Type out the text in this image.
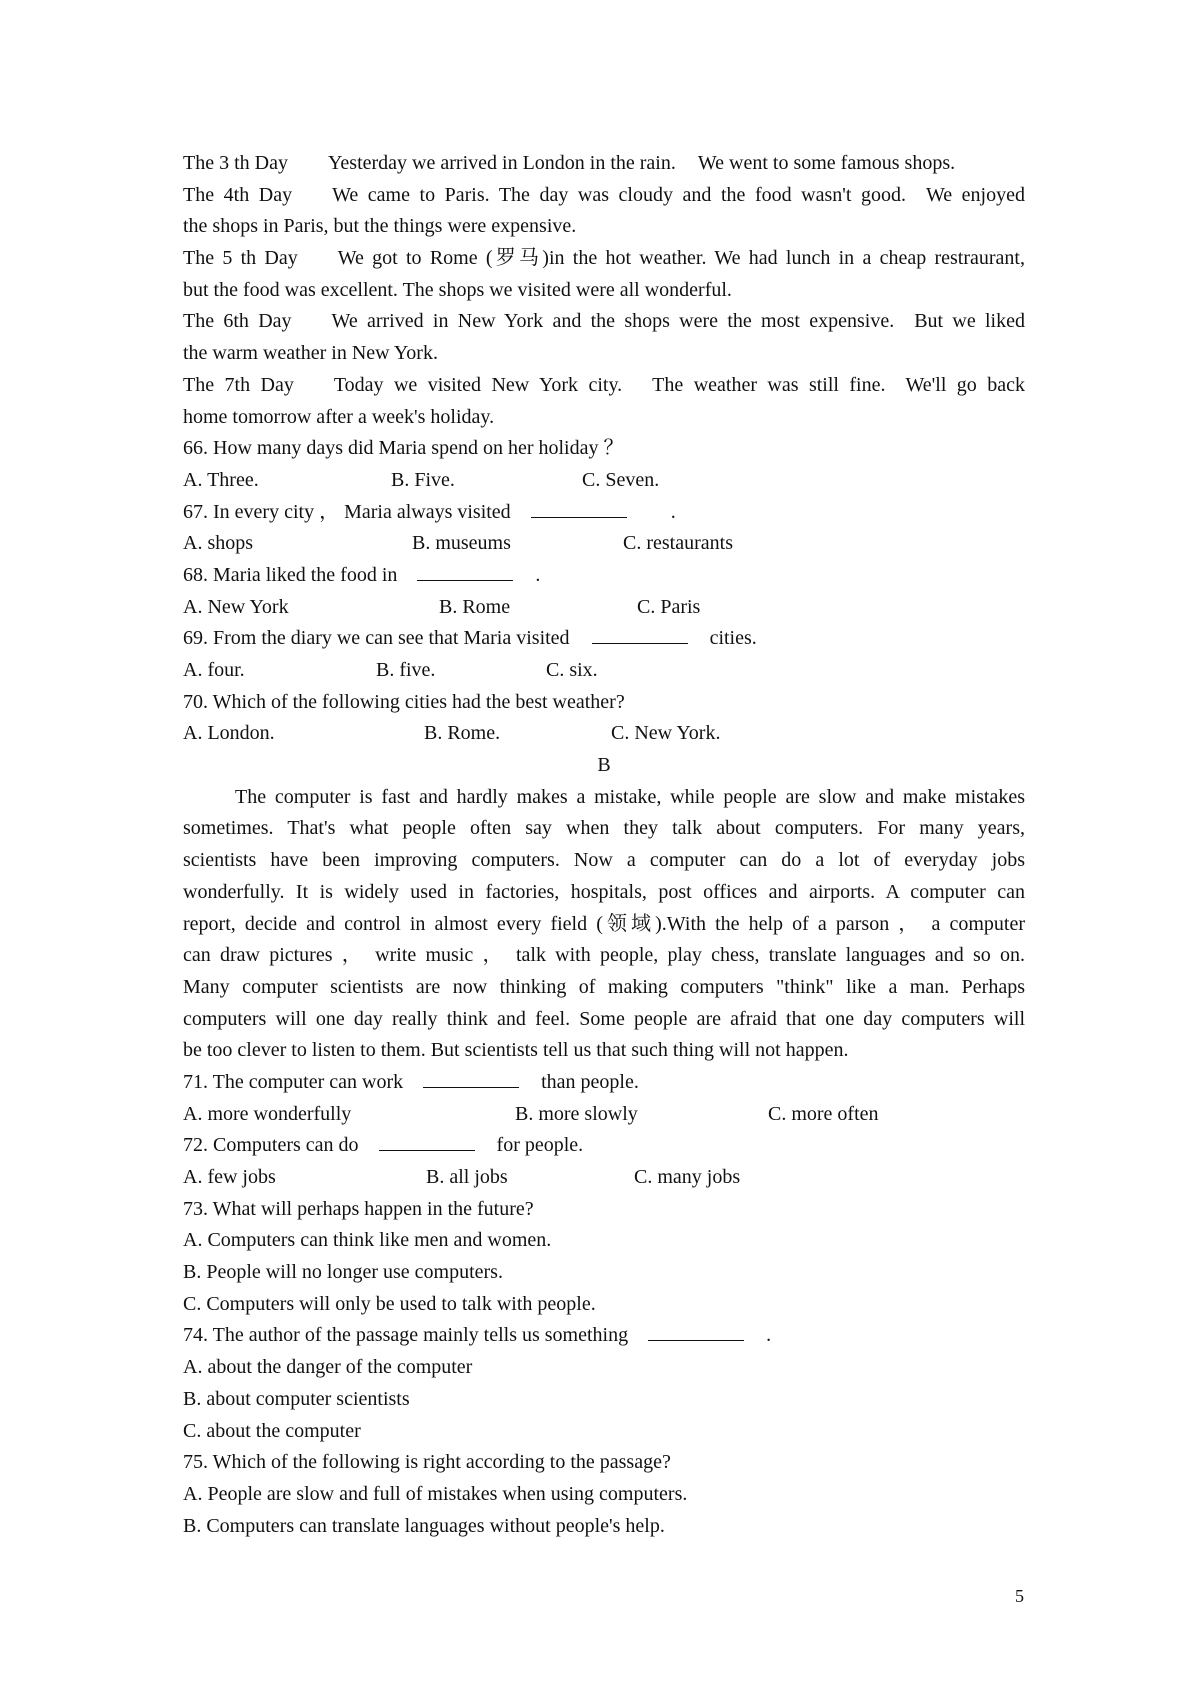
The 3 th Day Yesterday we arrived in London in the rain. We went to some famous shops.
The 4th Day We came to Paris. The day was cloudy and the food wasn't good. We enjoyed
the shops in Paris, but the things were expensive.
The 5 th Day We got to Rome (罗马)in the hot weather. We had lunch in a cheap restraurant,
but the food was excellent. The shops we visited were all wonderful.
The 6th Day We arrived in New York and the shops were the most expensive. But we liked
the warm weather in New York.
The 7th Day Today we visited New York city. The weather was still fine. We'll go back
home tomorrow after a week's holiday.
66. How many days did Maria spend on her holiday ？
A. Three.	B. Five.	C. Seven.
67. In every city ， Maria always visited	.
A. shops	B. museums	C. restaurants
68. Maria liked the food in	.
A. New York	B. Rome	C. Paris
69. From the diary we can see that Maria visited	cities.
A. four.	B. five.	C. six.
70. Which of the following cities had the best weather?
A. London.	B. Rome.	C. New York.
B
The computer is fast and hardly makes a mistake, while people are slow and make mistakes
sometimes. That's what people often say when they talk about computers. For many years,
scientists have been improving computers. Now a computer can do a lot of everyday jobs
wonderfully. It is widely used in factories, hospitals, post offices and airports. A computer can
report, decide and control in almost every field (领域).With the help of a parson ， a computer
can draw pictures ， write music ， talk with people, play chess, translate languages and so on.
Many computer scientists are now thinking of making computers "think" like a man. Perhaps
computers will one day really think and feel. Some people are afraid that one day computers will
be too clever to listen to them. But scientists tell us that such thing will not happen.
71. The computer can work	than people.
A. more wonderfully	B. more slowly	C. more often
72. Computers can do	for people.
A. few jobs	B. all jobs	C. many jobs
73. What will perhaps happen in the future?
A. Computers can think like men and women.
B. People will no longer use computers.
C. Computers will only be used to talk with people.
74. The author of the passage mainly tells us something	.
A. about the danger of the computer
B. about computer scientists
C. about the computer
75. Which of the following is right according to the passage?
A. People are slow and full of mistakes when using computers.
B. Computers can translate languages without people's help.
5
